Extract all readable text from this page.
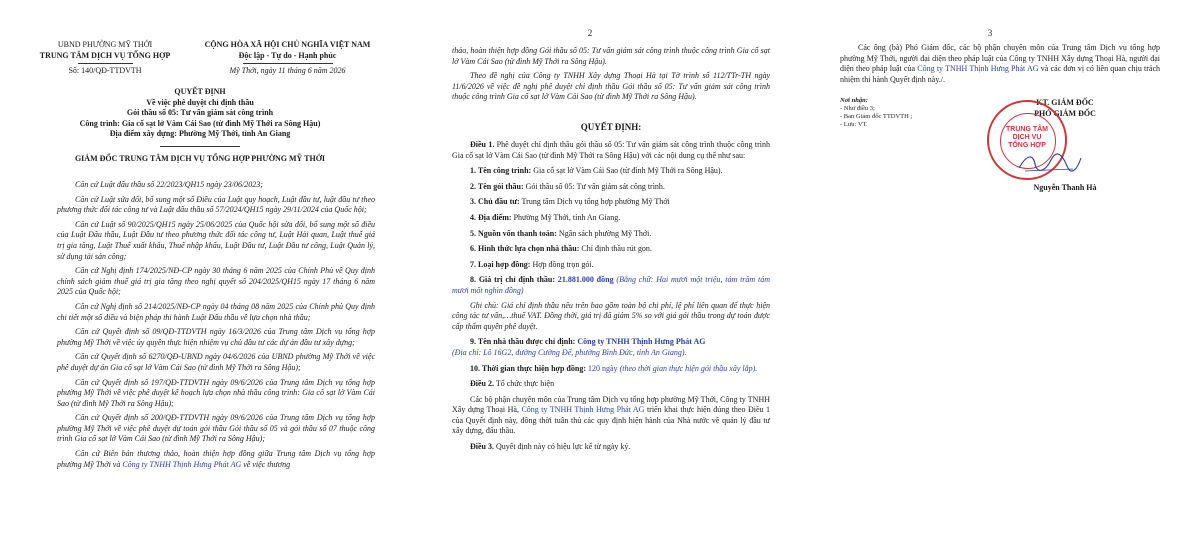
UBND PHƯỜNG MỸ THỚI
TRUNG TÂM DỊCH VỤ TỔNG HỢP
Số: 140/QĐ-TTDVTH
CỘNG HÒA XÃ HỘI CHỦ NGHĨA VIỆT NAM
Độc lập - Tự do - Hạnh phúc
Mỹ Thới, ngày 11 tháng 6 năm 2026
QUYẾT ĐỊNH
Về việc phê duyệt chỉ định thầu
Gói thầu số 05: Tư vấn giám sát công trình
Công trình: Gia cố sạt lở Vàm Cái Sao (từ đình Mỹ Thới ra Sông Hậu)
Địa điểm xây dựng: Phường Mỹ Thới, tỉnh An Giang
GIÁM ĐỐC TRUNG TÂM DỊCH VỤ TỔNG HỢP PHƯỜNG MỸ THỚI

Căn cứ Luật đấu thầu số 22/2023/QH15 ngày 23/06/2023;

Căn cứ Luật sửa đổi, bổ sung một số Điều của Luật quy hoạch, Luật đầu tư, luật đầu tư theo phương thức đối tác công tư và Luật đấu thầu số 57/2024/QH15 ngày 29/11/2024 của Quốc hội;

Căn cứ Luật số 90/2025/QH15 ngày 25/06/2025 của Quốc hội sửa đổi, bổ sung một số điều của Luật Đấu thầu, Luật Đầu tư theo phương thức đối tác công tư, Luật Hải quan, Luật thuế giá trị gia tăng, Luật Thuế xuất khẩu, Thuế nhập khẩu, Luật Đầu tư, Luật Đầu tư công, Luật Quản lý, sử dụng tài sản công;

Căn cứ Nghị định 174/2025/NĐ-CP ngày 30 tháng 6 năm 2025 của Chính Phủ về Quy định chính sách giảm thuế giá trị gia tăng theo nghị quyết số 204/2025/QH15 ngày 17 tháng 6 năm 2025 của Quốc hội;

Căn cứ Nghị định số 214/2025/NĐ-CP ngày 04 tháng 08 năm 2025 của Chính phủ Quy định chi tiết một số điều và biện pháp thi hành Luật Đấu thầu về lựa chọn nhà thầu;

Căn cứ Quyết định số 09/QĐ-TTDVTH ngày 16/3/2026 của Trung tâm Dịch vụ tổng hợp phường Mỹ Thới về việc ủy quyền thực hiện nhiệm vụ chủ đầu tư các dự án đầu tư xây dựng;

Căn cứ Quyết định số 6270/QĐ-UBND ngày 04/6/2026 của UBND phường Mỹ Thới về việc phê duyệt dự án Gia cố sạt lở Vàm Cái Sao (từ đình Mỹ Thới ra Sông Hậu);

Căn cứ Quyết định số 197/QĐ-TTDVTH ngày 09/6/2026 của Trung tâm Dịch vụ tổng hợp phường Mỹ Thới về việc phê duyệt kế hoạch lựa chọn nhà thầu công trình: Gia cố sạt lở Vàm Cái Sao (từ đình Mỹ Thới ra Sông Hậu);

Căn cứ Quyết định số 200/QĐ-TTDVTH ngày 09/6/2026 của Trung tâm Dịch vụ tổng hợp phường Mỹ Thới về việc phê duyệt dự toán gói thầu Gói thầu số 05 và gói thầu số 07 thuộc công trình Gia cố sạt lở Vàm Cái Sao (từ đình Mỹ Thới ra Sông Hậu);

Căn cứ Biên bản thương thảo, hoàn thiện hợp đồng giữa Trung tâm Dịch vụ tổng hợp phường Mỹ Thới và Công ty TNHH Thịnh Hưng Phát AG về việc thương

2

thảo, hoàn thiện hợp đồng Gói thầu số 05: Tư vấn giám sát công trình thuộc công trình Gia cố sạt lở Vàm Cái Sao (từ đình Mỹ Thới ra Sông Hậu).

Theo đề nghị của Công ty TNHH Xây dựng Thoại Hà tại Tờ trình số 112/TTr-TH ngày 11/6/2026 về việc đề nghị phê duyệt chỉ định thầu Gói thầu số 05: Tư vấn giám sát công trình thuộc công trình Gia cố sạt lở Vàm Cái Sao (từ đình Mỹ Thới ra Sông Hậu).

QUYẾT ĐỊNH:

Điều 1. Phê duyệt chỉ định thầu gói thầu số 05: Tư vấn giám sát công trình thuộc công trình Gia cố sạt lở Vàm Cái Sao (từ đình Mỹ Thới ra Sông Hậu) với các nội dung cụ thể như sau:

1. Tên công trình: Gia cố sạt lở Vàm Cái Sao (từ đình Mỹ Thới ra Sông Hậu).

2. Tên gói thầu: Gói thầu số 05: Tư vấn giám sát công trình.

3. Chủ đầu tư: Trung tâm Dịch vụ tổng hợp phường Mỹ Thới

4. Địa điểm: Phường Mỹ Thới, tỉnh An Giang.

5. Nguồn vốn thanh toán: Ngân sách phường Mỹ Thới.

6. Hình thức lựa chọn nhà thầu: Chỉ định thầu rút gọn.

7. Loại hợp đồng: Hợp đồng trọn gói.

8. Giá trị chỉ định thầu: 21.881.000 đồng (Bằng chữ: Hai mươi một triệu, tám trăm tám mươi mốt nghìn đồng)

Ghi chú: Giá chỉ định thầu nêu trên bao gồm toàn bộ chi phí, lệ phí liên quan để thực hiện công tác tư vấn,…thuế VAT. Đồng thời, giá trị đã giảm 5% so với giá gói thầu trong dự toán được cấp thẩm quyền phê duyệt.

9. Tên nhà thầu được chỉ định: Công ty TNHH Thịnh Hưng Phát AG
(Địa chỉ: Lô 16G2, đường Cường Để, phường Bình Đức, tỉnh An Giang).

10. Thời gian thực hiện hợp đồng: 120 ngày (theo thời gian thực hiện gói thầu xây lắp).

Điều 2. Tổ chức thực hiện

Các bộ phận chuyên môn của Trung tâm Dịch vụ tổng hợp phường Mỹ Thới, Công ty TNHH Xây dựng Thoại Hà, Công ty TNHH Thịnh Hưng Phát AG triển khai thực hiện đúng theo Điều 1 của Quyết định này, đồng thời tuân thủ các quy định hiện hành của Nhà nước về quản lý đầu tư xây dựng, đấu thầu.

Điều 3. Quyết định này có hiệu lực kể từ ngày ký.

3

Các ông (bà) Phó Giám đốc, các bộ phận chuyên môn của Trung tâm Dịch vụ tổng hợp phường Mỹ Thới, người đại diện theo pháp luật của Công ty TNHH Xây dựng Thoại Hà, người đại diện theo pháp luật của Công ty TNHH Thịnh Hưng Phát AG và các đơn vị có liên quan chịu trách nhiệm thi hành Quyết định này./.

Nơi nhận:
- Như điều 3;
- Ban Giám đốc TTDVTH ;
- Lưu: VT.
KT. GIÁM ĐỐC
PHÓ GIÁM ĐỐC
TRUNG TÂM
DỊCH VỤ
TỔNG HỢP
Nguyễn Thanh Hà
